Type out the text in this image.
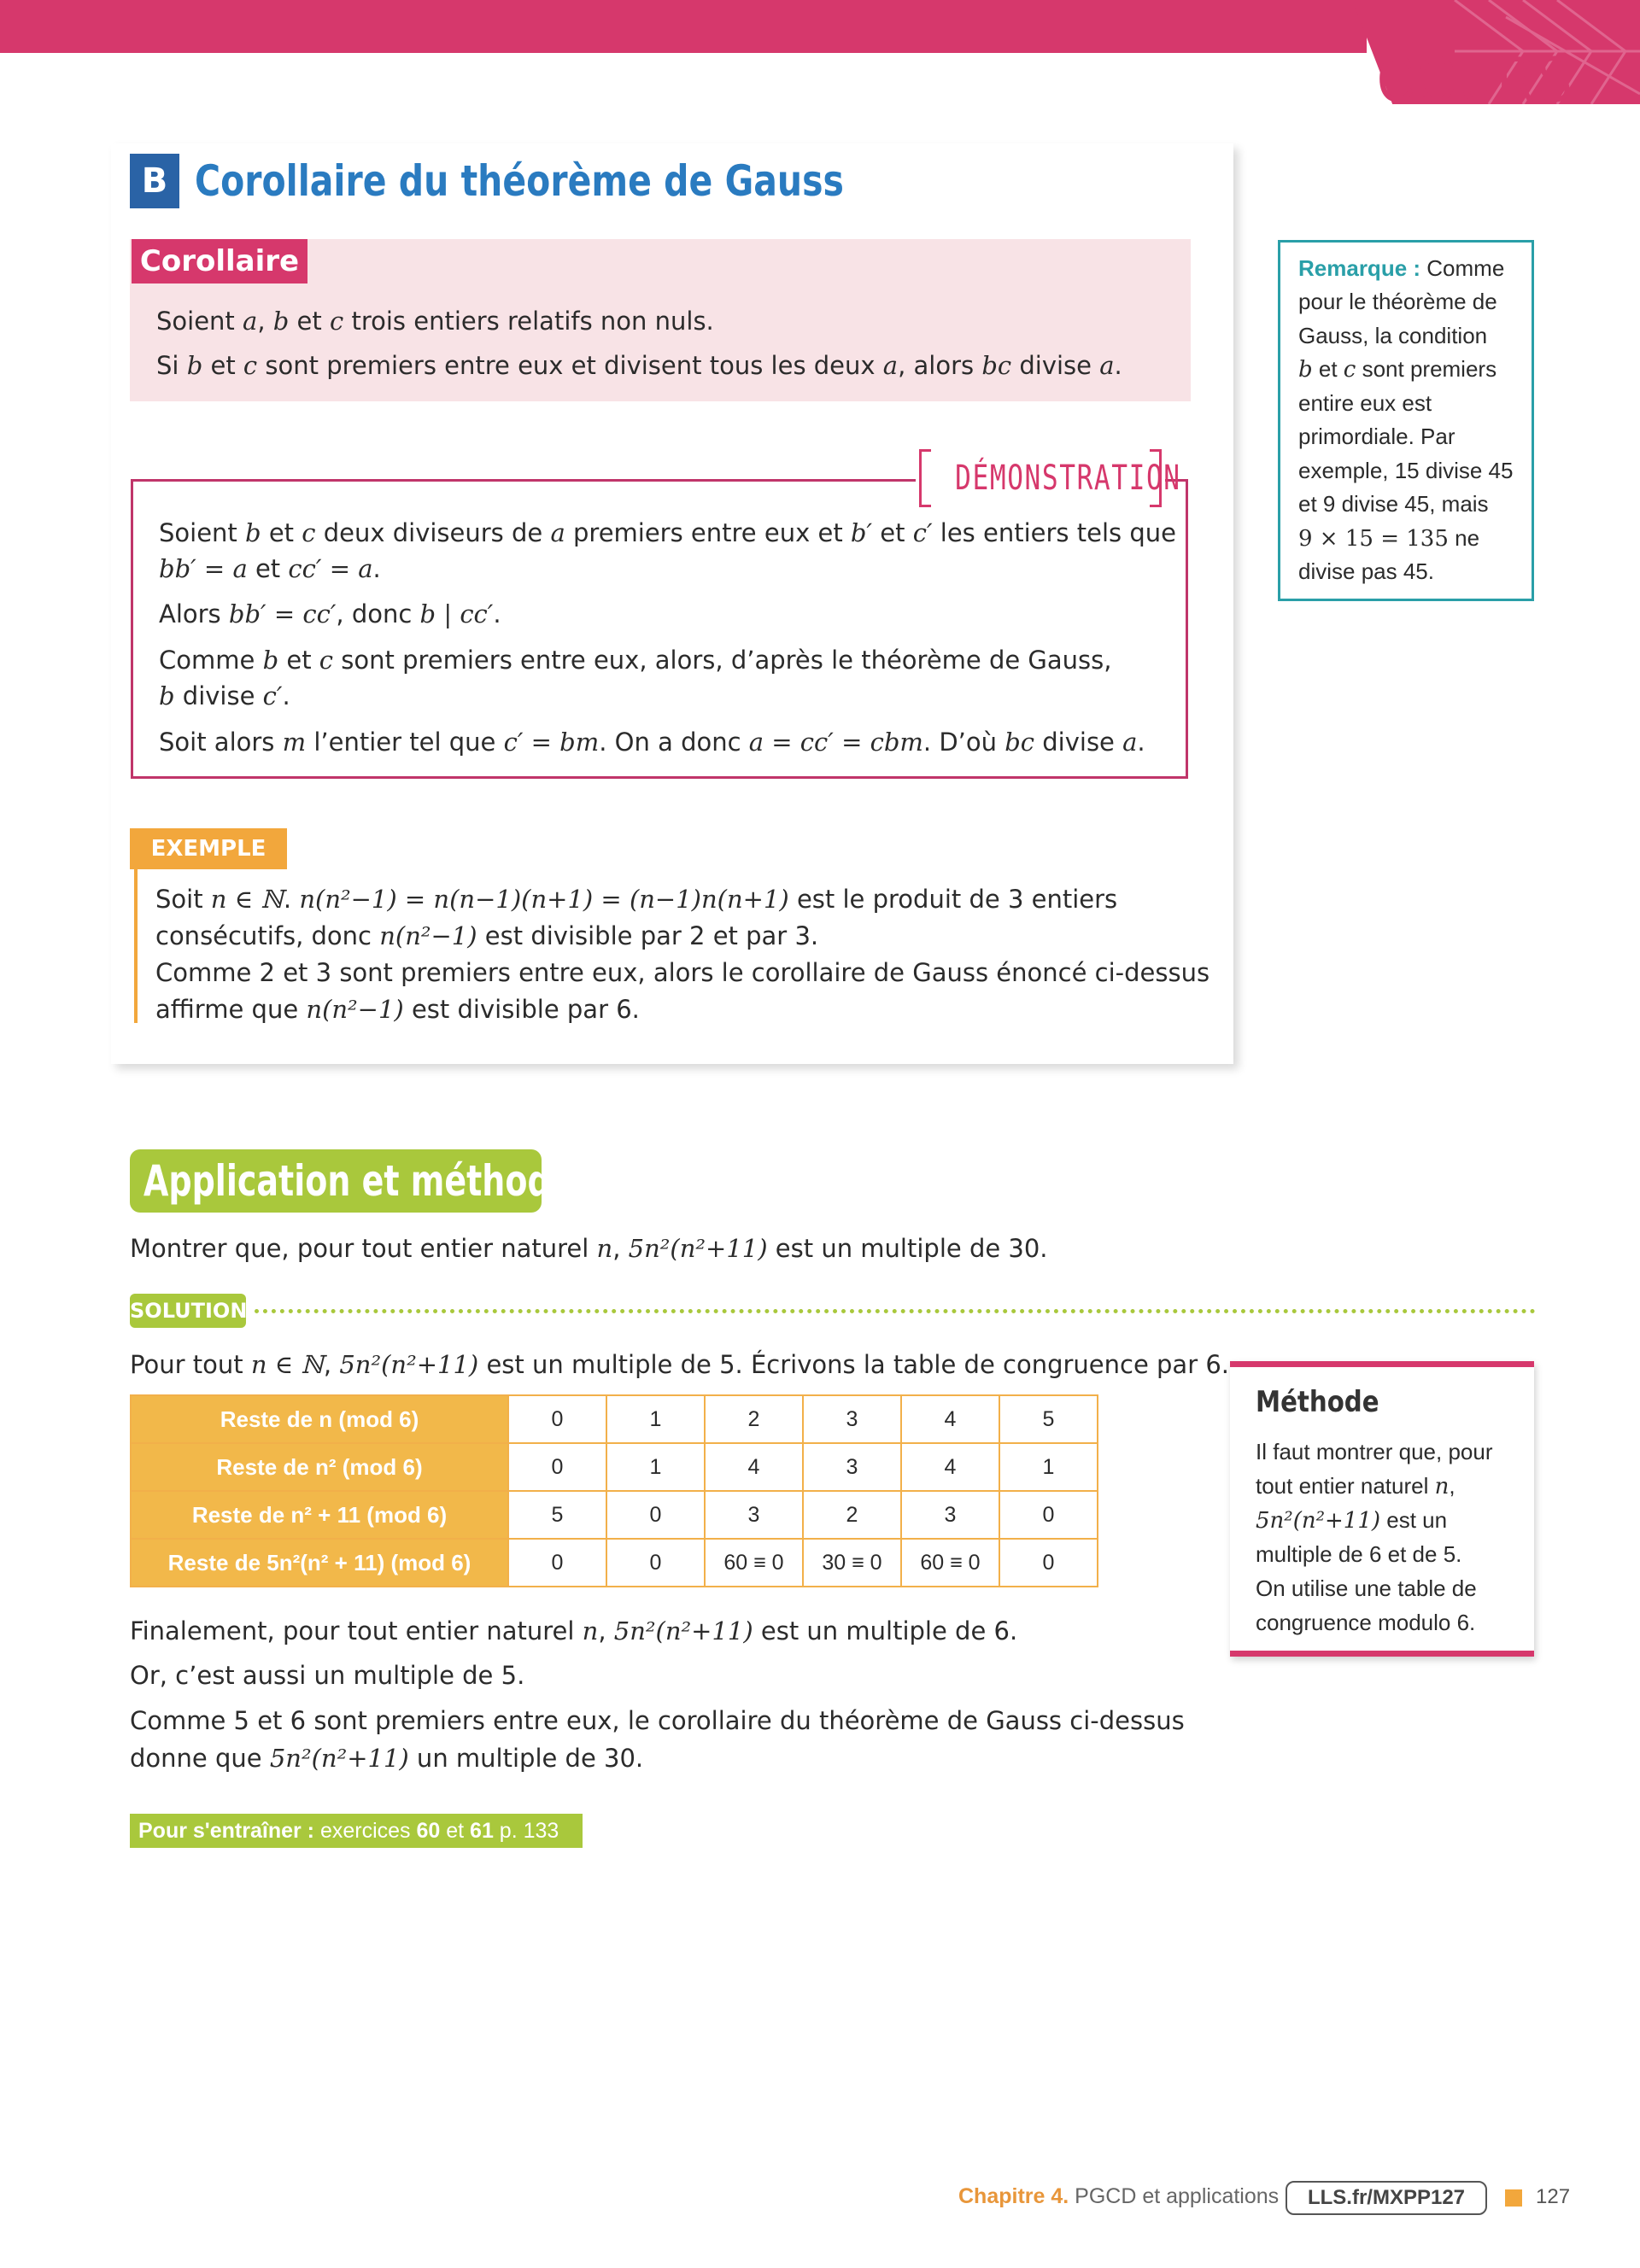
COURS
B Corollaire du théorème de Gauss
Corollaire
Soient a, b et c trois entiers relatifs non nuls.
Si b et c sont premiers entre eux et divisent tous les deux a, alors bc divise a.
DÉMONSTRATION
Soient b et c deux diviseurs de a premiers entre eux et b′ et c′ les entiers tels que
bb′ = a et cc′ = a.
Alors bb′ = cc′, donc b | cc′.
Comme b et c sont premiers entre eux, alors, d’après le théorème de Gauss,
b divise c′.
Soit alors m l’entier tel que c′ = bm. On a donc a = cc′ = cbm. D’où bc divise a.
EXEMPLE
Soit n ∈ ℕ. n(n²−1) = n(n−1)(n+1) = (n−1)n(n+1) est le produit de 3 entiers
consécutifs, donc n(n²−1) est divisible par 2 et par 3.
Comme 2 et 3 sont premiers entre eux, alors le corollaire de Gauss énoncé ci-dessus
affirme que n(n²−1) est divisible par 6.
Remarque : Comme
pour le théorème de
Gauss, la condition
b et c sont premiers
entire eux est
primordiale. Par
exemple, 15 divise 45
et 9 divise 45, mais
9 × 15 = 135 ne
divise pas 45.
Application et méthode - 8
Montrer que, pour tout entier naturel n, 5n²(n²+11) est un multiple de 30.
SOLUTION
Pour tout n ∈ ℕ, 5n²(n²+11) est un multiple de 5. Écrivons la table de congruence par 6.
Reste de n (mod 6)	0	1	2	3	4	5
Reste de n² (mod 6)	0	1	4	3	4	1
Reste de n² + 11 (mod 6)	5	0	3	2	3	0
Reste de 5n²(n² + 11) (mod 6)	0	0	60 ≡ 0	30 ≡ 0	60 ≡ 0	0
Finalement, pour tout entier naturel n, 5n²(n²+11) est un multiple de 6.
Or, c’est aussi un multiple de 5.
Comme 5 et 6 sont premiers entre eux, le corollaire du théorème de Gauss ci-dessus
donne que 5n²(n²+11) un multiple de 30.
Méthode
Il faut montrer que, pour
tout entier naturel n,
5n²(n²+11) est un
multiple de 6 et de 5.
On utilise une table de
congruence modulo 6.
Pour s'entraîner : exercices 60 et 61 p. 133
Chapitre 4. PGCD et applications	LLS.fr/MXPP127	127
